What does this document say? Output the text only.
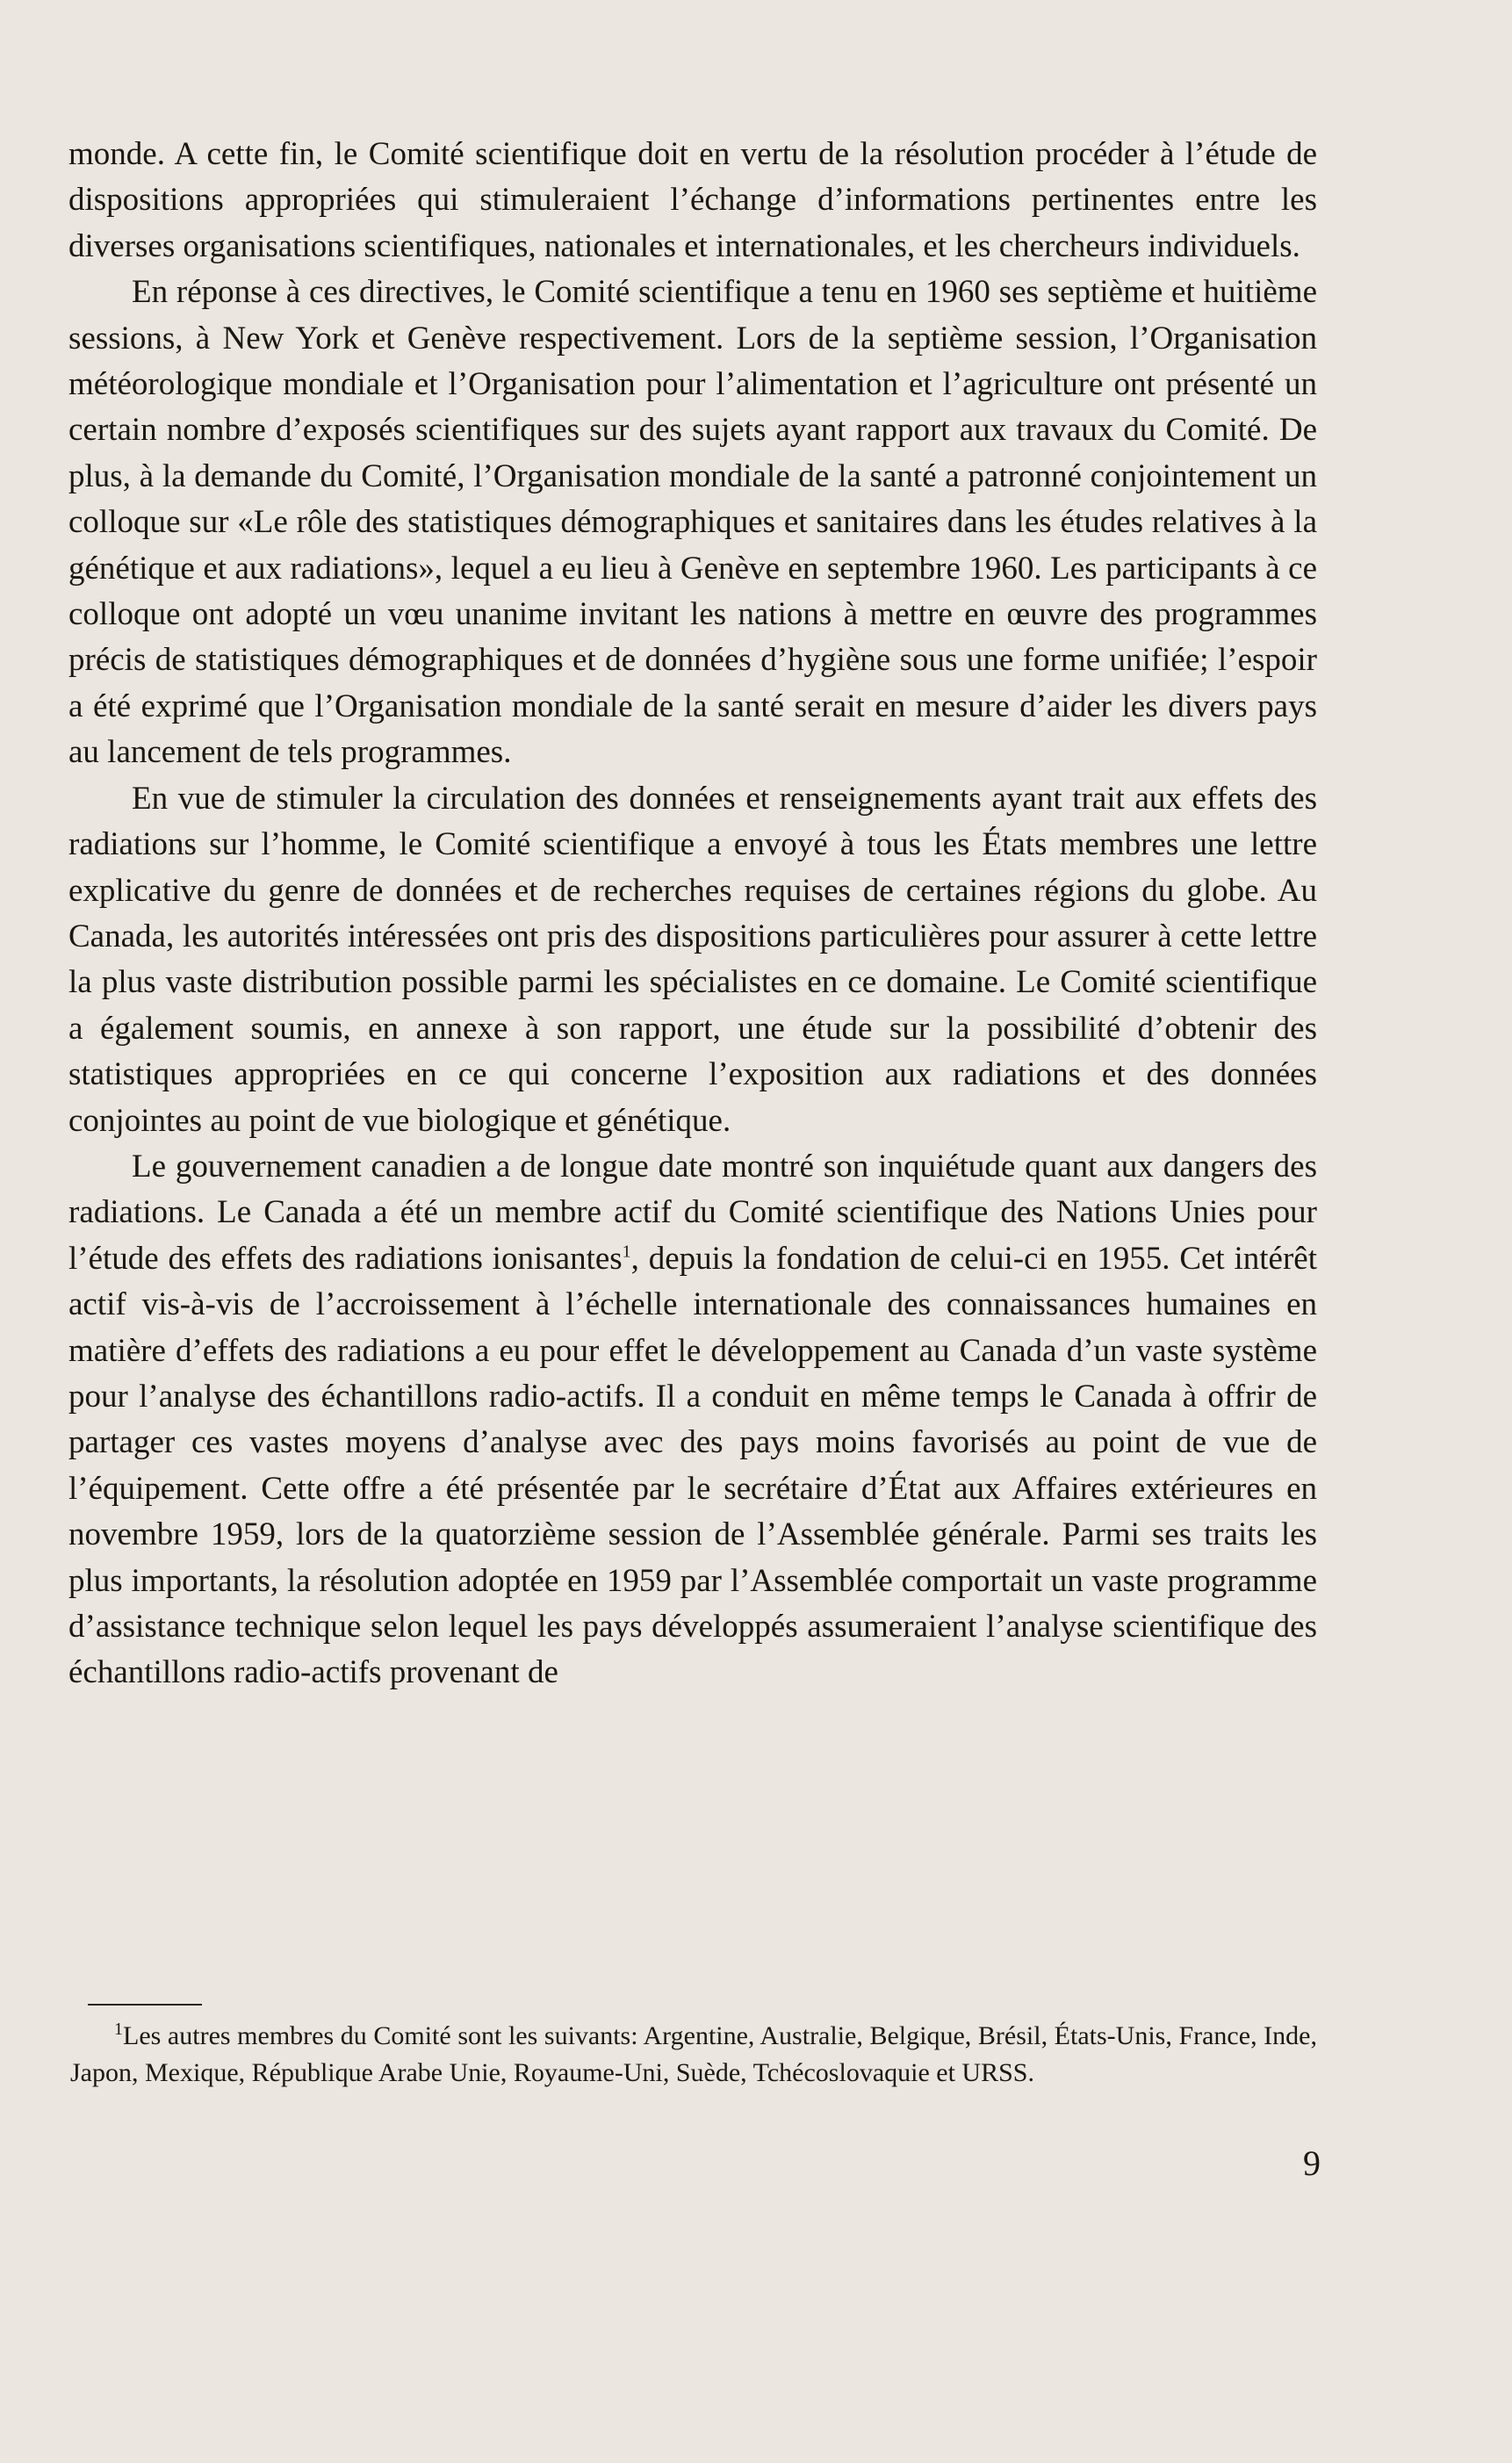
monde. A cette fin, le Comité scientifique doit en vertu de la résolution procéder à l’étude de dispositions appropriées qui stimuleraient l’échange d’informations pertinentes entre les diverses organisations scientifiques, nationales et internationales, et les chercheurs individuels.

En réponse à ces directives, le Comité scientifique a tenu en 1960 ses septième et huitième sessions, à New York et Genève respectivement. Lors de la septième session, l’Organisation météorologique mondiale et l’Organisation pour l’alimentation et l’agriculture ont présenté un certain nombre d’exposés scientifiques sur des sujets ayant rapport aux travaux du Comité. De plus, à la demande du Comité, l’Organisation mondiale de la santé a patronné conjointement un colloque sur «Le rôle des statistiques démographiques et sanitaires dans les études relatives à la génétique et aux radiations», lequel a eu lieu à Genève en septembre 1960. Les participants à ce colloque ont adopté un vœu unanime invitant les nations à mettre en œuvre des programmes précis de statistiques démographiques et de données d’hygiène sous une forme unifiée; l’espoir a été exprimé que l’Organisation mondiale de la santé serait en mesure d’aider les divers pays au lancement de tels programmes.

En vue de stimuler la circulation des données et renseignements ayant trait aux effets des radiations sur l’homme, le Comité scientifique a envoyé à tous les États membres une lettre explicative du genre de données et de recherches requises de certaines régions du globe. Au Canada, les autorités intéressées ont pris des dispositions particulières pour assurer à cette lettre la plus vaste distribution possible parmi les spécialistes en ce domaine. Le Comité scientifique a également soumis, en annexe à son rapport, une étude sur la possibilité d’obtenir des statistiques appropriées en ce qui concerne l’exposition aux radiations et des données conjointes au point de vue biologique et génétique.

Le gouvernement canadien a de longue date montré son inquiétude quant aux dangers des radiations. Le Canada a été un membre actif du Comité scientifique des Nations Unies pour l’étude des effets des radiations ionisantes$^1$, depuis la fondation de celui-ci en 1955. Cet intérêt actif vis-à-vis de l’accroissement à l’échelle internationale des connaissances humaines en matière d’effets des radiations a eu pour effet le développement au Canada d’un vaste système pour l’analyse des échantillons radio-actifs. Il a conduit en même temps le Canada à offrir de partager ces vastes moyens d’analyse avec des pays moins favorisés au point de vue de l’équipement. Cette offre a été présentée par le secrétaire d’État aux Affaires extérieures en novembre 1959, lors de la quatorzième session de l’Assemblée générale. Parmi ses traits les plus importants, la résolution adoptée en 1959 par l’Assemblée comportait un vaste programme d’assistance technique selon lequel les pays développés assumeraient l’analyse scientifique des échantillons radio-actifs provenant de

$^1$Les autres membres du Comité sont les suivants: Argentine, Australie, Belgique, Brésil, États-Unis, France, Inde, Japon, Mexique, République Arabe Unie, Royaume-Uni, Suède, Tchécoslovaquie et URSS.

9
